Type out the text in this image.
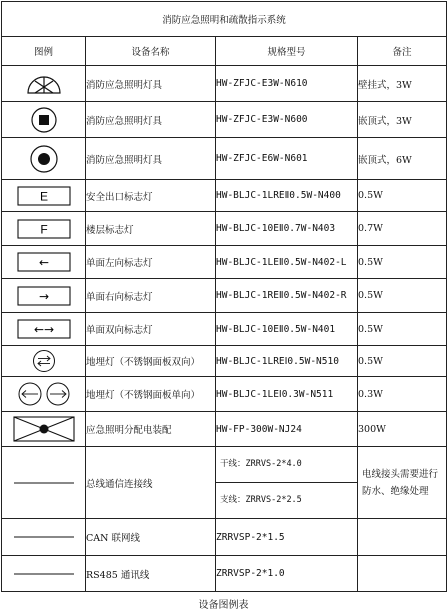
消防应急照明和疏散指示系统			
图例	设备名称	规格型号	备注

	消防应急照明灯具	HW-ZFJC-E3W-N610	壁挂式，3W

	消防应急照明灯具	HW-ZFJC-E3W-N600	嵌顶式，3W

	消防应急照明灯具	HW-ZFJC-E6W-N601	嵌顶式，6W

E	安全出口标志灯	HW-BLJC-1LREⅡ0.5W-N400	0.5W

F	楼层标志灯	HW-BLJC-10EⅡ0.7W-N403	0.7W

←	单面左向标志灯	HW-BLJC-1LEⅡ0.5W-N402-L	0.5W

→	单面右向标志灯	HW-BLJC-1REⅡ0.5W-N402-R	0.5W

←→	单面双向标志灯	HW-BLJC-10EⅡ0.5W-N401	0.5W

	地埋灯（不锈钢面板双向）	HW-BLJC-1LREⅠ0.5W-N510	0.5W

	地埋灯（不锈钢面板单向）	HW-BLJC-1LEⅠ0.3W-N511	0.3W

	应急照明分配电装配	HW-FP-300W-NJ24	300W

	总线通信连接线	干线：ZRRVS-2*4.0
支线：ZRRVS-2*2.5	电线接头需要进行防水、绝缘处理

	CAN 联网线	ZRRVSP-2*1.5	

	RS485 通讯线	ZRRVSP-2*1.0	
设备图例表
